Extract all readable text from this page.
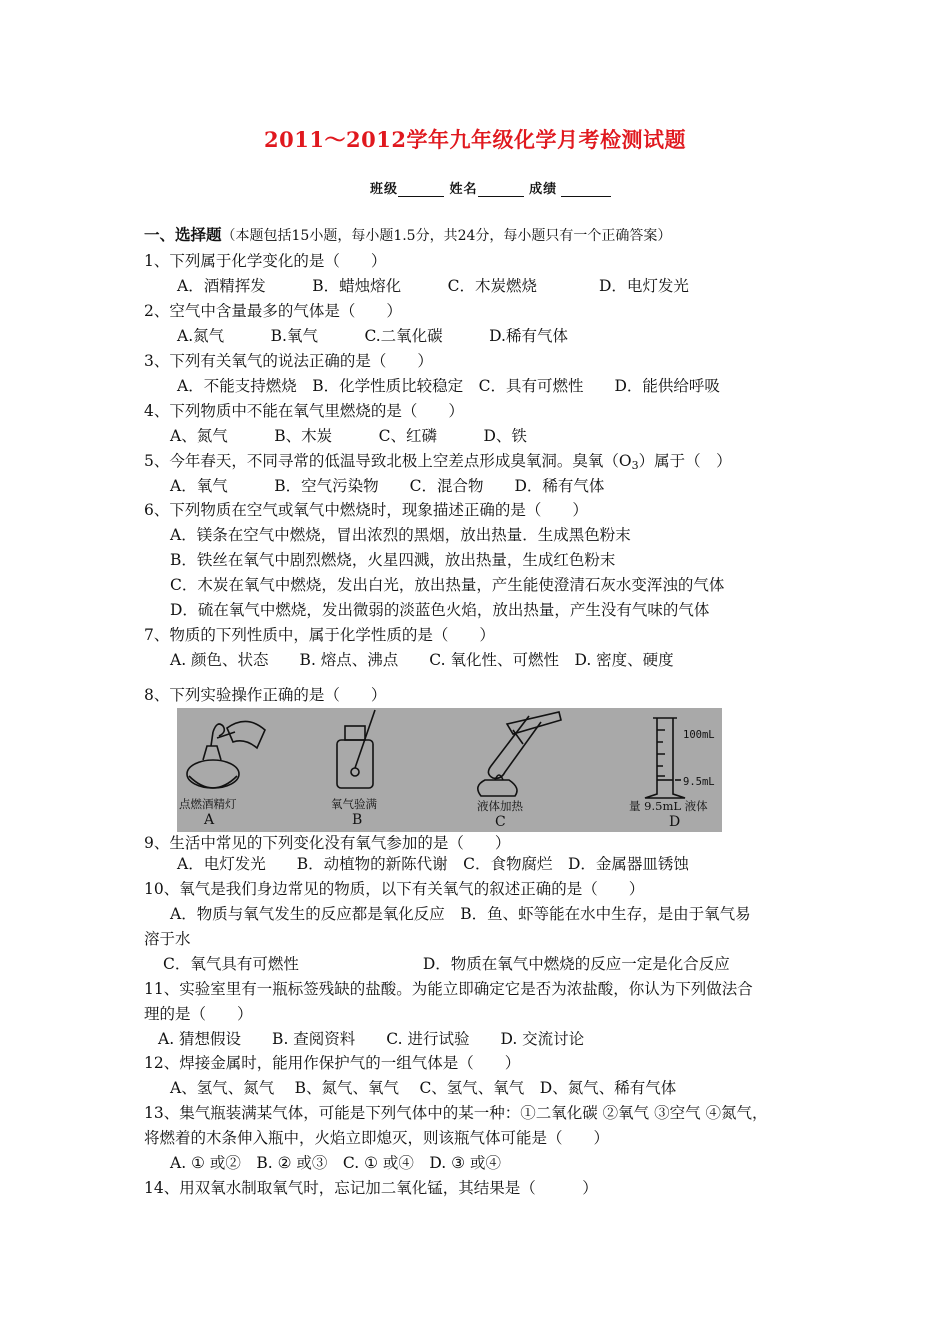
2011～2012学年九年级化学月考检测试题
班级	姓名	成绩
一、选择题（本题包括15小题，每小题1.5分，共24分，每小题只有一个正确答案）
1、下列属于化学变化的是（　　）
A．酒精挥发　　　B．蜡烛熔化　　　C．木炭燃烧　　　　D．电灯发光
2、空气中含量最多的气体是（　　）
A.氮气　　　B.氧气　　　C.二氧化碳　　　D.稀有气体
3、下列有关氧气的说法正确的是（　　）
A．不能支持燃烧　B．化学性质比较稳定　C．具有可燃性　　D．能供给呼吸
4、下列物质中不能在氧气里燃烧的是（　　）
A、氮气　　　B、木炭　　　C、红磷　　　D、铁
5、今年春天，不同寻常的低温导致北极上空差点形成臭氧洞。臭氧$(O_3)$属于（　）
A．氧气　　　B．空气污染物　　C．混合物　　D．稀有气体
6、下列物质在空气或氧气中燃烧时，现象描述正确的是（　　）
A．镁条在空气中燃烧，冒出浓烈的黑烟，放出热量．生成黑色粉末
B．铁丝在氧气中剧烈燃烧，火星四溅，放出热量，生成红色粉末
C．木炭在氧气中燃烧，发出白光，放出热量，产生能使澄清石灰水变浑浊的气体
D．硫在氧气中燃烧，发出微弱的淡蓝色火焰，放出热量，产生没有气味的气体
7、物质的下列性质中，属于化学性质的是（　　）
A. 颜色、状态　　B. 熔点、沸点　　C. 氧化性、可燃性　D. 密度、硬度
8、下列实验操作正确的是（　　）
100mL
9.5mL
点燃酒精灯	氧气验满	液体加热	量 9.5mL 液体
A	B	C	D
9、生活中常见的下列变化没有氧气参加的是（　　）
A．电灯发光　　B．动植物的新陈代谢　C．食物腐烂　D．金属器皿锈蚀
10、氧气是我们身边常见的物质，以下有关氧气的叙述正确的是（　　）
A．物质与氧气发生的反应都是氧化反应　B．鱼、虾等能在水中生存，是由于氧气易
溶于水
C．氧气具有可燃性　　　　　　　　D．物质在氧气中燃烧的反应一定是化合反应
11、实验室里有一瓶标签残缺的盐酸。为能立即确定它是否为浓盐酸，你认为下列做法合
理的是（　　）
A. 猜想假设　　B. 查阅资料　　C. 进行试验　　D. 交流讨论
12、焊接金属时，能用作保护气的一组气体是（　　）
A、氢气、氮气　 B、氮气、氧气　 C、氢气、氧气　D、氮气、稀有气体
13、集气瓶装满某气体，可能是下列气体中的某一种：①二氧化碳 ②氧气 ③空气 ④氮气，
将燃着的木条伸入瓶中，火焰立即熄灭，则该瓶气体可能是（　　）
A. ① 或②　B. ② 或③　C. ① 或④　D. ③ 或④
14、用双氧水制取氧气时，忘记加二氧化锰，其结果是（　　　）
